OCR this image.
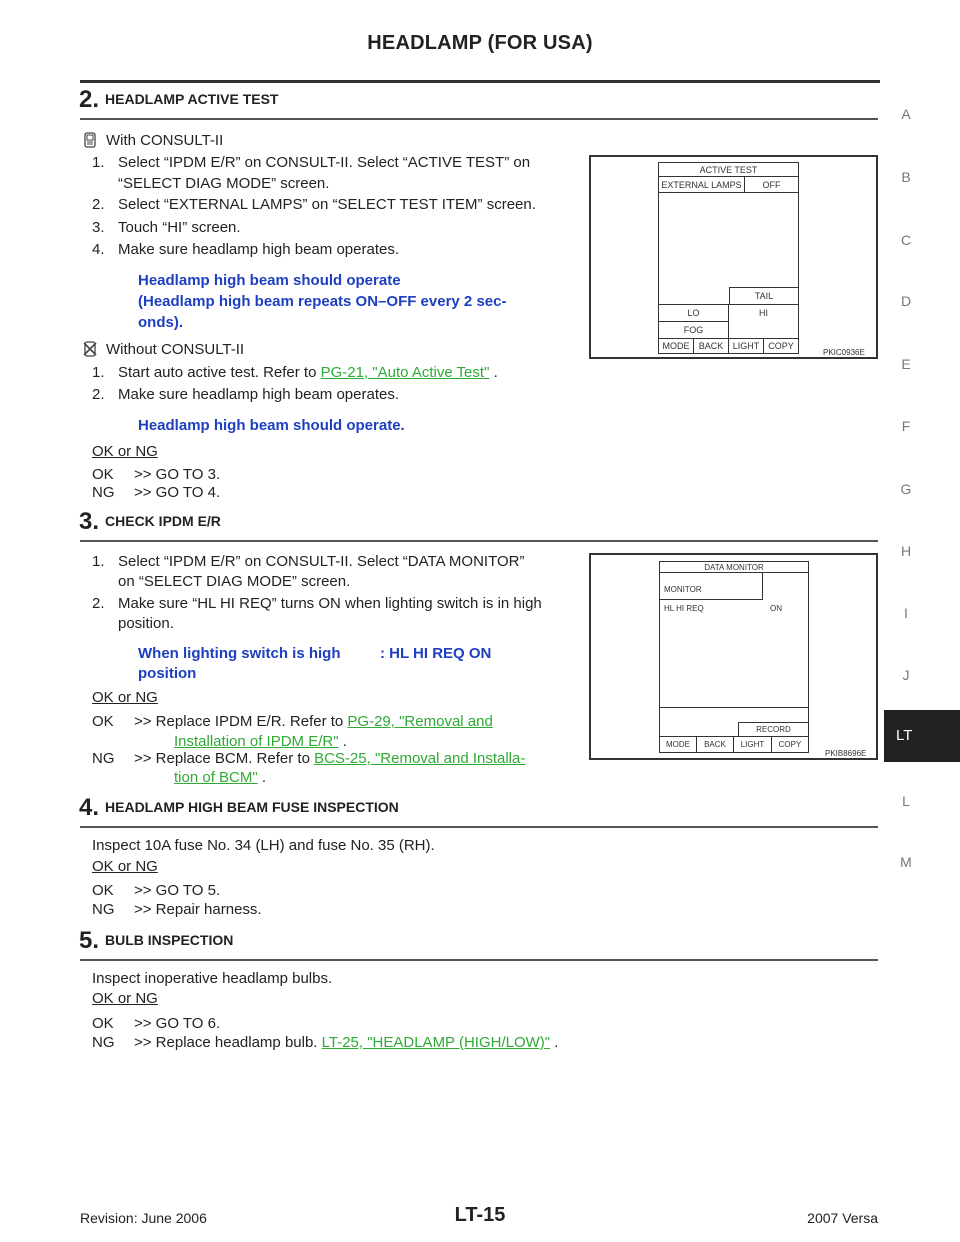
HEADLAMP (FOR USA)
A
B
C
D
E
F
G
H
I
J
LT
L
M
2. HEADLAMP ACTIVE TEST
With CONSULT-II
1. Select “IPDM E/R” on CONSULT-II. Select “ACTIVE TEST” on
“SELECT DIAG MODE” screen.
2. Select “EXTERNAL LAMPS” on “SELECT TEST ITEM” screen.
3. Touch “HI” screen.
4. Make sure headlamp high beam operates.
Headlamp high beam should operate
(Headlamp high beam repeats ON–OFF every 2 sec-
onds).
Without CONSULT-II
1. Start auto active test. Refer to PG-21, "Auto Active Test" .
2. Make sure headlamp high beam operates.
Headlamp high beam should operate.
OK or NG
OK >> GO TO 3.
NG >> GO TO 4.
ACTIVE TEST
EXTERNAL LAMPS	OFF
TAIL
LO	HI
FOG
MODE	BACK	LIGHT COPY
PKIC0936E
3. CHECK IPDM E/R
1. Select “IPDM E/R” on CONSULT-II. Select “DATA MONITOR”
on “SELECT DIAG MODE” screen.
2. Make sure “HL HI REQ” turns ON when lighting switch is in high
position.
When lighting switch is high
position
: HL HI REQ ON
OK or NG
OK >> Replace IPDM E/R. Refer to PG-29, "Removal and
Installation of IPDM E/R" .
NG >> Replace BCM. Refer to BCS-25, "Removal and Installa-
tion of BCM" .
DATA MONITOR
MONITOR
HL HI REQ	ON
RECORD
MODE	BACK	LIGHT	COPY
PKIB8696E
4. HEADLAMP HIGH BEAM FUSE INSPECTION
Inspect 10A fuse No. 34 (LH) and fuse No. 35 (RH).
OK or NG
OK >> GO TO 5.
NG >> Repair harness.
5. BULB INSPECTION
Inspect inoperative headlamp bulbs.
OK or NG
OK >> GO TO 6.
NG >> Replace headlamp bulb. LT-25, "HEADLAMP (HIGH/LOW)" .
Revision: June 2006	LT-15	2007 Versa
